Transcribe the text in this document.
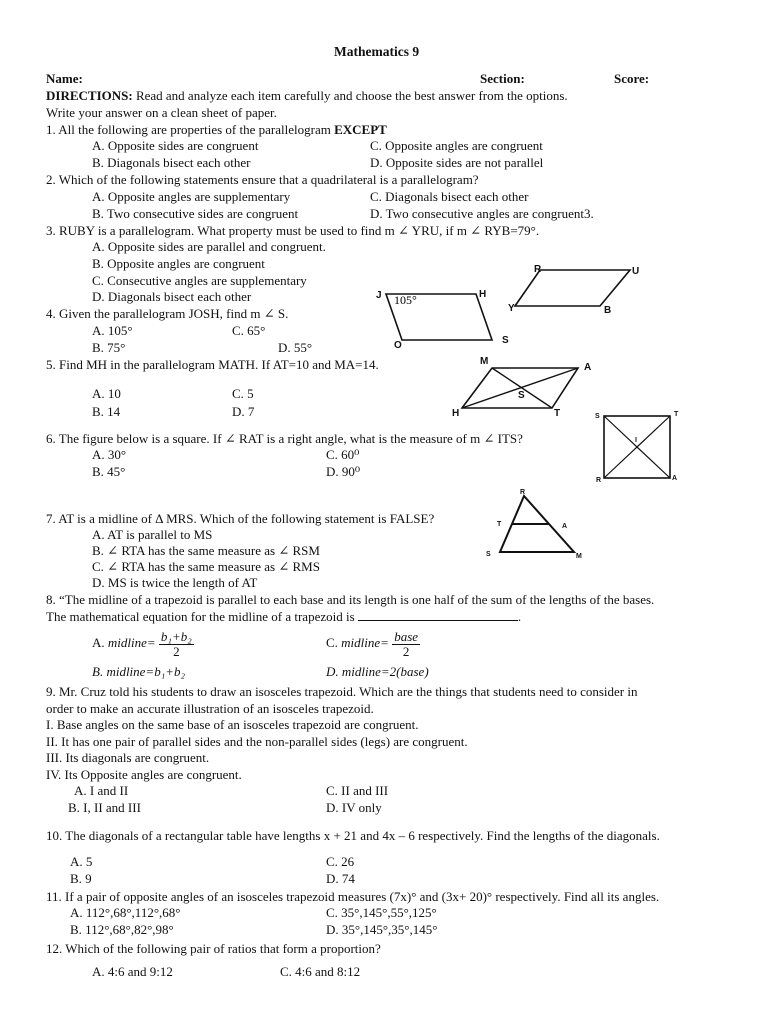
Mathematics 9
Name:	Section:	Score:
DIRECTIONS: Read and analyze each item carefully and choose the best answer from the options.
Write your answer on a clean sheet of paper.
1. All the following are properties of the parallelogram EXCEPT
A. Opposite sides are congruent	C. Opposite angles are congruent
B. Diagonals bisect each other	D. Opposite sides are not parallel
2. Which of the following statements ensure that a quadrilateral is a parallelogram?
A. Opposite angles are supplementary	C. Diagonals bisect each other
B. Two consecutive sides are congruent	D. Two consecutive angles are congruent3.
3. RUBY is a parallelogram. What property must be used to find m ∠ YRU, if m ∠ RYB=79°.
A. Opposite sides are parallel and congruent.
B. Opposite angles are congruent
C. Consecutive angles are supplementary
D. Diagonals bisect each other
R	U
B
Y
4. Given the parallelogram JOSH, find m ∠ S.
A. 105°	C. 65°
B. 75°	D. 55°
J 105°	H
O	S
5. Find MH in the parallelogram MATH. If AT=10 and MA=14.
A. 10	C. 5
B. 14	D. 7
M
A
T
H
S
6. The figure below is a square. If ∠ RAT is a right angle, what is the measure of m ∠ ITS?
A. 30°	C. 60⁰
B. 45°	D. 90⁰
S	T
R	A
I
7. AT is a midline of Δ MRS. Which of the following statement is FALSE?
A. AT is parallel to MS
B. ∠ RTA has the same measure as ∠ RSM
C. ∠ RTA has the same measure as ∠ RMS
D. MS is twice the length of AT
R
T	A
S	M
8. “The midline of a trapezoid is parallel to each base and its length is one half of the sum of the lengths of the bases.
The mathematical equation for the midline of a trapezoid is	.
A. midline= $\frac{\text{b₁+b₂}}{2}$	C. midline= $\frac{\text{base}}{2}$
B. midline=b₁+b₂	D. midline=2(base)
9. Mr. Cruz told his students to draw an isosceles trapezoid. Which are the things that students need to consider in
order to make an accurate illustration of an isosceles trapezoid.
I. Base angles on the same base of an isosceles trapezoid are congruent.
II. It has one pair of parallel sides and the non-parallel sides (legs) are congruent.
III. Its diagonals are congruent.
IV. Its Opposite angles are congruent.
A. I and II	C. II and III
B. I, II and III	D. IV only
10. The diagonals of a rectangular table have lengths x + 21 and 4x – 6 respectively. Find the lengths of the diagonals.
A. 5	C. 26
B. 9	D. 74
11. If a pair of opposite angles of an isosceles trapezoid measures (7x)° and (3x+ 20)° respectively. Find all its angles.
A. 112°,68°,112°,68°	C. 35°,145°,55°,125°
B. 112°,68°,82°,98°	D. 35°,145°,35°,145°
12. Which of the following pair of ratios that form a proportion?
A. 4:6 and 9:12	C. 4:6 and 8:12
